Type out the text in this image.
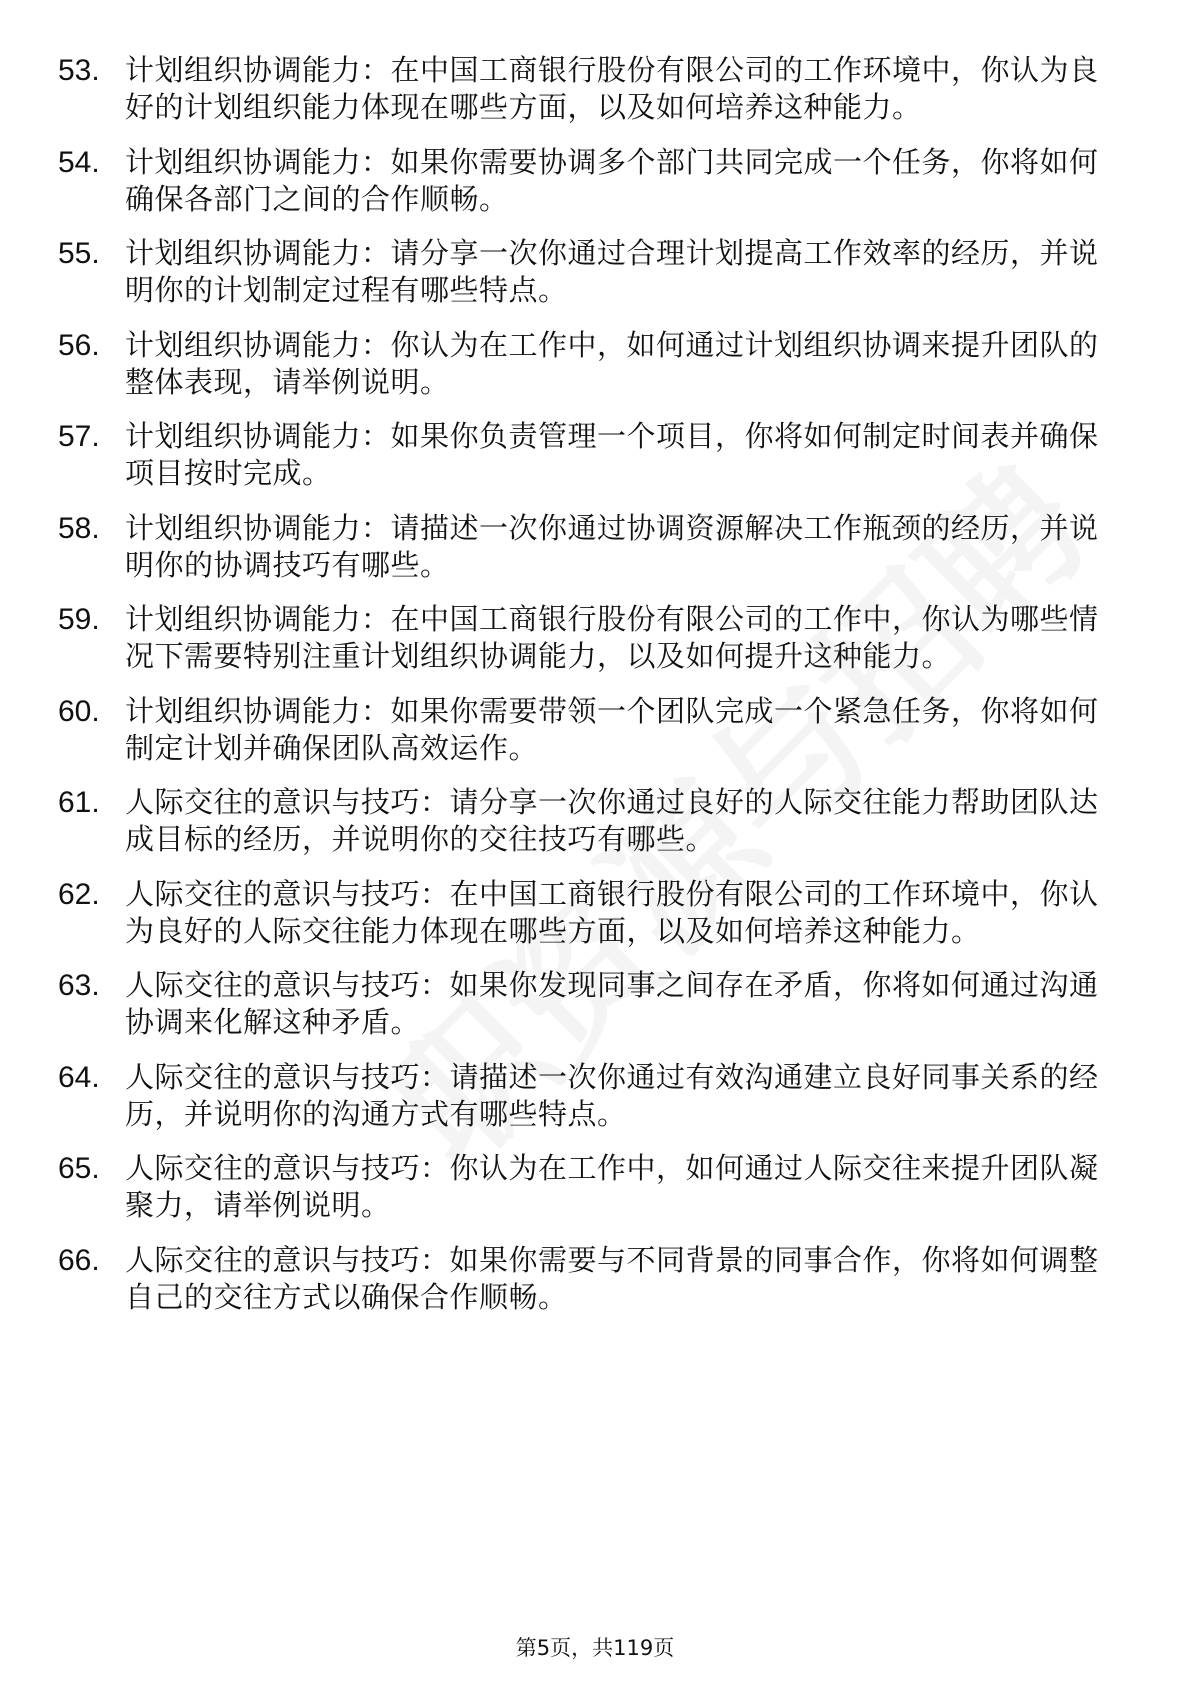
53. 计划组织协调能力：在中国工商银行股份有限公司的工作环境中，你认为良好的计划组织能力体现在哪些方面，以及如何培养这种能力。
54. 计划组织协调能力：如果你需要协调多个部门共同完成一个任务，你将如何确保各部门之间的合作顺畅。
55. 计划组织协调能力：请分享一次你通过合理计划提高工作效率的经历，并说明你的计划制定过程有哪些特点。
56. 计划组织协调能力：你认为在工作中，如何通过计划组织协调来提升团队的整体表现，请举例说明。
57. 计划组织协调能力：如果你负责管理一个项目，你将如何制定时间表并确保项目按时完成。
58. 计划组织协调能力：请描述一次你通过协调资源解决工作瓶颈的经历，并说明你的协调技巧有哪些。
59. 计划组织协调能力：在中国工商银行股份有限公司的工作中，你认为哪些情况下需要特别注重计划组织协调能力，以及如何提升这种能力。
60. 计划组织协调能力：如果你需要带领一个团队完成一个紧急任务，你将如何制定计划并确保团队高效运作。
61. 人际交往的意识与技巧：请分享一次你通过良好的人际交往能力帮助团队达成目标的经历，并说明你的交往技巧有哪些。
62. 人际交往的意识与技巧：在中国工商银行股份有限公司的工作环境中，你认为良好的人际交往能力体现在哪些方面，以及如何培养这种能力。
63. 人际交往的意识与技巧：如果你发现同事之间存在矛盾，你将如何通过沟通协调来化解这种矛盾。
64. 人际交往的意识与技巧：请描述一次你通过有效沟通建立良好同事关系的经历，并说明你的沟通方式有哪些特点。
65. 人际交往的意识与技巧：你认为在工作中，如何通过人际交往来提升团队凝聚力，请举例说明。
66. 人际交往的意识与技巧：如果你需要与不同背景的同事合作，你将如何调整自己的交往方式以确保合作顺畅。
第5页，共119页
